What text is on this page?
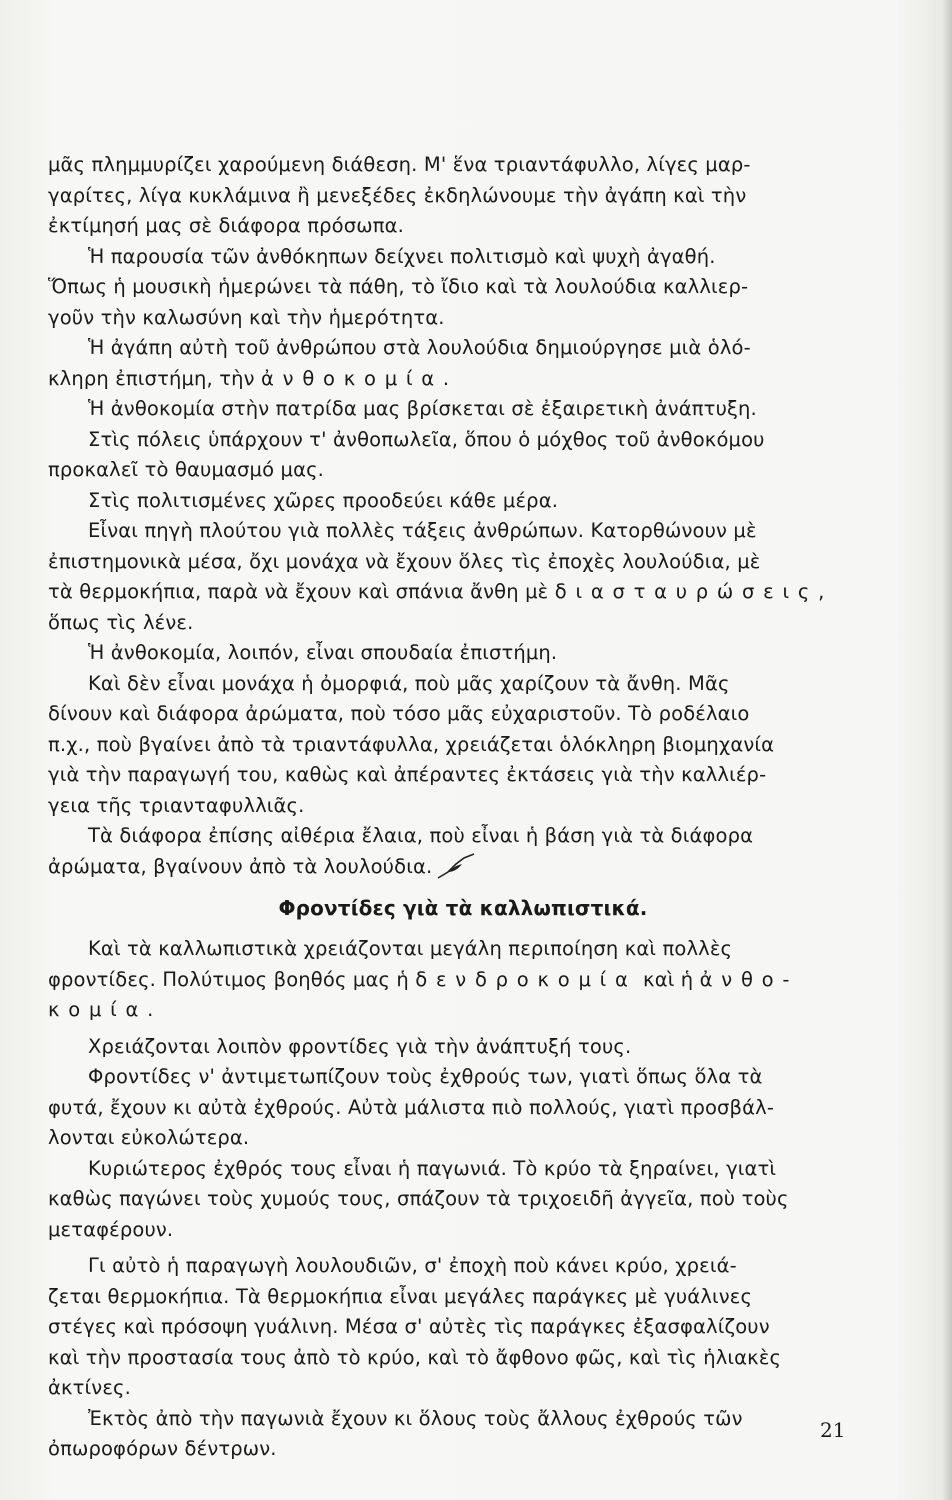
μᾶς πλημμυρίζει χαρούμενη διάθεση. Μ' ἕνα τριαντάφυλλο, λίγες μαρ-
γαρίτες, λίγα κυκλάμινα ἢ μενεξέδες ἐκδηλώνουμε τὴν ἀγάπη καὶ τὴν
ἐκτίμησή μας σὲ διάφορα πρόσωπα.
Ἡ παρουσία τῶν ἀνθόκηπων δείχνει πολιτισμὸ καὶ ψυχὴ ἀγαθή.
Ὅπως ἡ μουσικὴ ἡμερώνει τὰ πάθη, τὸ ἴδιο καὶ τὰ λουλούδια καλλιερ-
γοῦν τὴν καλωσύνη καὶ τὴν ἡμερότητα.
Ἡ ἀγάπη αὐτὴ τοῦ ἀνθρώπου στὰ λουλούδια δημιούργησε μιὰ ὁλό-
κληρη ἐπιστήμη, τὴν ἀνθοκομία.
Ἡ ἀνθοκομία στὴν πατρίδα μας βρίσκεται σὲ ἐξαιρετικὴ ἀνάπτυξη.
Στὶς πόλεις ὑπάρχουν τ' ἀνθοπωλεῖα, ὅπου ὁ μόχθος τοῦ ἀνθοκόμου
προκαλεῖ τὸ θαυμασμό μας.
Στὶς πολιτισμένες χῶρες προοδεύει κάθε μέρα.
Εἶναι πηγὴ πλούτου γιὰ πολλὲς τάξεις ἀνθρώπων. Κατορθώνουν μὲ
ἐπιστημονικὰ μέσα, ὄχι μονάχα νὰ ἔχουν ὅλες τὶς ἐποχὲς λουλούδια, μὲ
τὰ θερμοκήπια, παρὰ νὰ ἔχουν καὶ σπάνια ἄνθη μὲ διασταυρώσεις,
ὅπως τὶς λένε.
Ἡ ἀνθοκομία, λοιπόν, εἶναι σπουδαία ἐπιστήμη.
Καὶ δὲν εἶναι μονάχα ἡ ὀμορφιά, ποὺ μᾶς χαρίζουν τὰ ἄνθη. Μᾶς
δίνουν καὶ διάφορα ἀρώματα, ποὺ τόσο μᾶς εὐχαριστοῦν. Τὸ ροδέλαιο
π.χ., ποὺ βγαίνει ἀπὸ τὰ τριαντάφυλλα, χρειάζεται ὁλόκληρη βιομηχανία
γιὰ τὴν παραγωγή του, καθὼς καὶ ἀπέραντες ἐκτάσεις γιὰ τὴν καλλιέρ-
γεια τῆς τριανταφυλλιᾶς.
Τὰ διάφορα ἐπίσης αἰθέρια ἔλαια, ποὺ εἶναι ἡ βάση γιὰ τὰ διάφορα
ἀρώματα, βγαίνουν ἀπὸ τὰ λουλούδια.
Φροντίδες γιὰ τὰ καλλωπιστικά.
Καὶ τὰ καλλωπιστικὰ χρειάζονται μεγάλη περιποίηση καὶ πολλὲς
φροντίδες. Πολύτιμος βοηθός μας ἡ δενδροκομία καὶ ἡ ἀνθο-
κομία.
Χρειάζονται λοιπὸν φροντίδες γιὰ τὴν ἀνάπτυξή τους.
Φροντίδες ν' ἀντιμετωπίζουν τοὺς ἐχθρούς των, γιατὶ ὅπως ὅλα τὰ
φυτά, ἔχουν κι αὐτὰ ἐχθρούς. Αὐτὰ μάλιστα πιὸ πολλούς, γιατὶ προσβάλ-
λονται εὐκολώτερα.
Κυριώτερος ἐχθρός τους εἶναι ἡ παγωνιά. Τὸ κρύο τὰ ξηραίνει, γιατὶ
καθὼς παγώνει τοὺς χυμούς τους, σπάζουν τὰ τριχοειδῆ ἀγγεῖα, ποὺ τοὺς
μεταφέρουν.
Γι αὐτὸ ἡ παραγωγὴ λουλουδιῶν, σ' ἐποχὴ ποὺ κάνει κρύο, χρειά-
ζεται θερμοκήπια. Τὰ θερμοκήπια εἶναι μεγάλες παράγκες μὲ γυάλινες
στέγες καὶ πρόσοψη γυάλινη. Μέσα σ' αὐτὲς τὶς παράγκες ἐξασφαλίζουν
καὶ τὴν προστασία τους ἀπὸ τὸ κρύο, καὶ τὸ ἄφθονο φῶς, καὶ τὶς ἡλιακὲς
ἀκτίνες.
Ἐκτὸς ἀπὸ τὴν παγωνιὰ ἔχουν κι ὅλους τοὺς ἄλλους ἐχθρούς τῶν
ὀπωροφόρων δέντρων.
21
